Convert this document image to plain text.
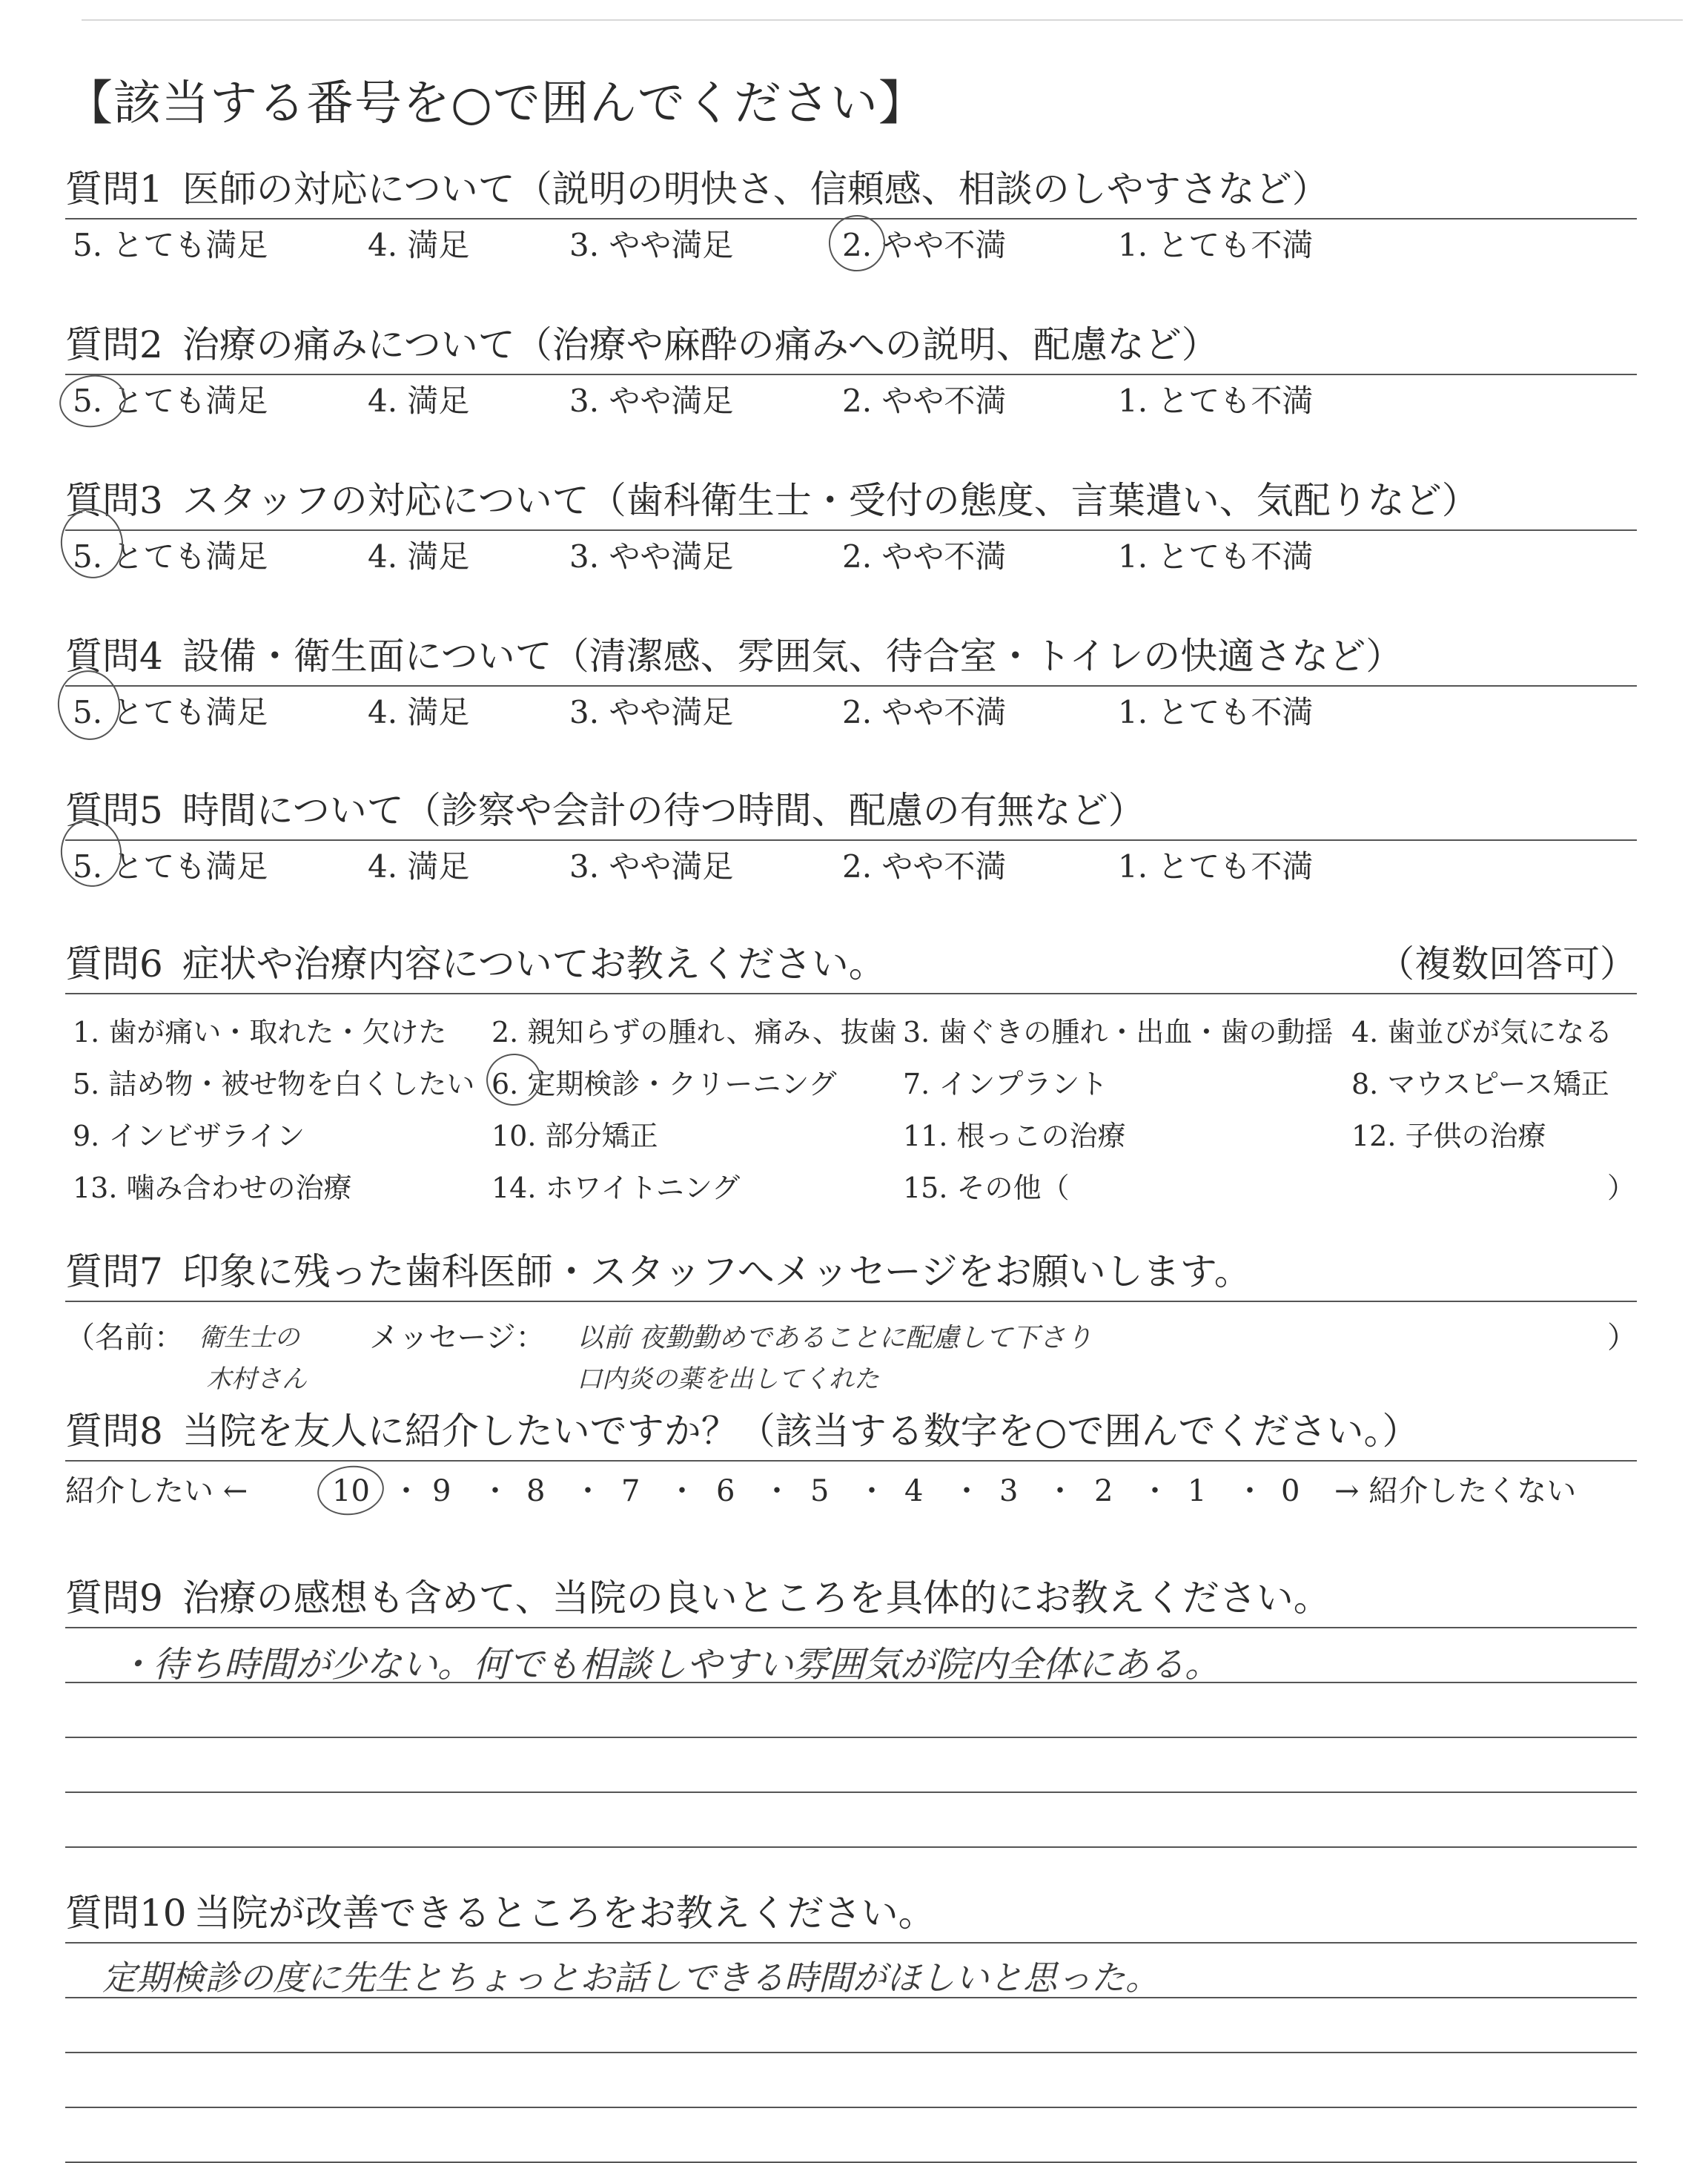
【該当する番号を○で囲んでください】
質問1 医師の対応について（説明の明快さ、信頼感、相談のしやすさなど）
5. とても満足	4. 満足	3. やや満足	2. やや不満	1. とても不満
質問2 治療の痛みについて（治療や麻酔の痛みへの説明、配慮など）
5. とても満足	4. 満足	3. やや満足	2. やや不満	1. とても不満
質問3 スタッフの対応について（歯科衛生士・受付の態度、言葉遣い、気配りなど）
5. とても満足	4. 満足	3. やや満足	2. やや不満	1. とても不満
質問4 設備・衛生面について（清潔感、雰囲気、待合室・トイレの快適さなど）
5. とても満足	4. 満足	3. やや満足	2. やや不満	1. とても不満
質問5 時間について（診察や会計の待つ時間、配慮の有無など）
5. とても満足	4. 満足	3. やや満足	2. やや不満	1. とても不満
質問6 症状や治療内容についてお教えください。	（複数回答可）
1. 歯が痛い・取れた・欠けた 2. 親知らずの腫れ、痛み、抜歯 3. 歯ぐきの腫れ・出血・歯の動揺 4. 歯並びが気になる
5. 詰め物・被せ物を白くしたい 6. 定期検診・クリーニング 7. インプラント	8. マウスピース矯正
9. インビザライン	10. 部分矯正	11. 根っこの治療	12. 子供の治療
13. 噛み合わせの治療	14. ホワイトニング	15. その他（	）
質問7 印象に残った歯科医師・スタッフへメッセージをお願いします。
（名前： 衛生士の
木村さん
メッセージ： 以前 夜勤勤めであることに配慮して下さり
口内炎の薬を出してくれた
）
質問8 当院を友人に紹介したいですか？（該当する数字を○で囲んでください。）
紹介したい ←	10 ・ 9 ・ 8 ・ 7 ・ 6 ・ 5 ・ 4 ・ 3 ・ 2 ・ 1 ・ 0 → 紹介したくない
質問9 治療の感想も含めて、当院の良いところを具体的にお教えください。
・待ち時間が少ない。何でも相談しやすい雰囲気が院内全体にある。
質問10 当院が改善できるところをお教えください。
定期検診の度に先生とちょっとお話しできる時間がほしいと思った。
